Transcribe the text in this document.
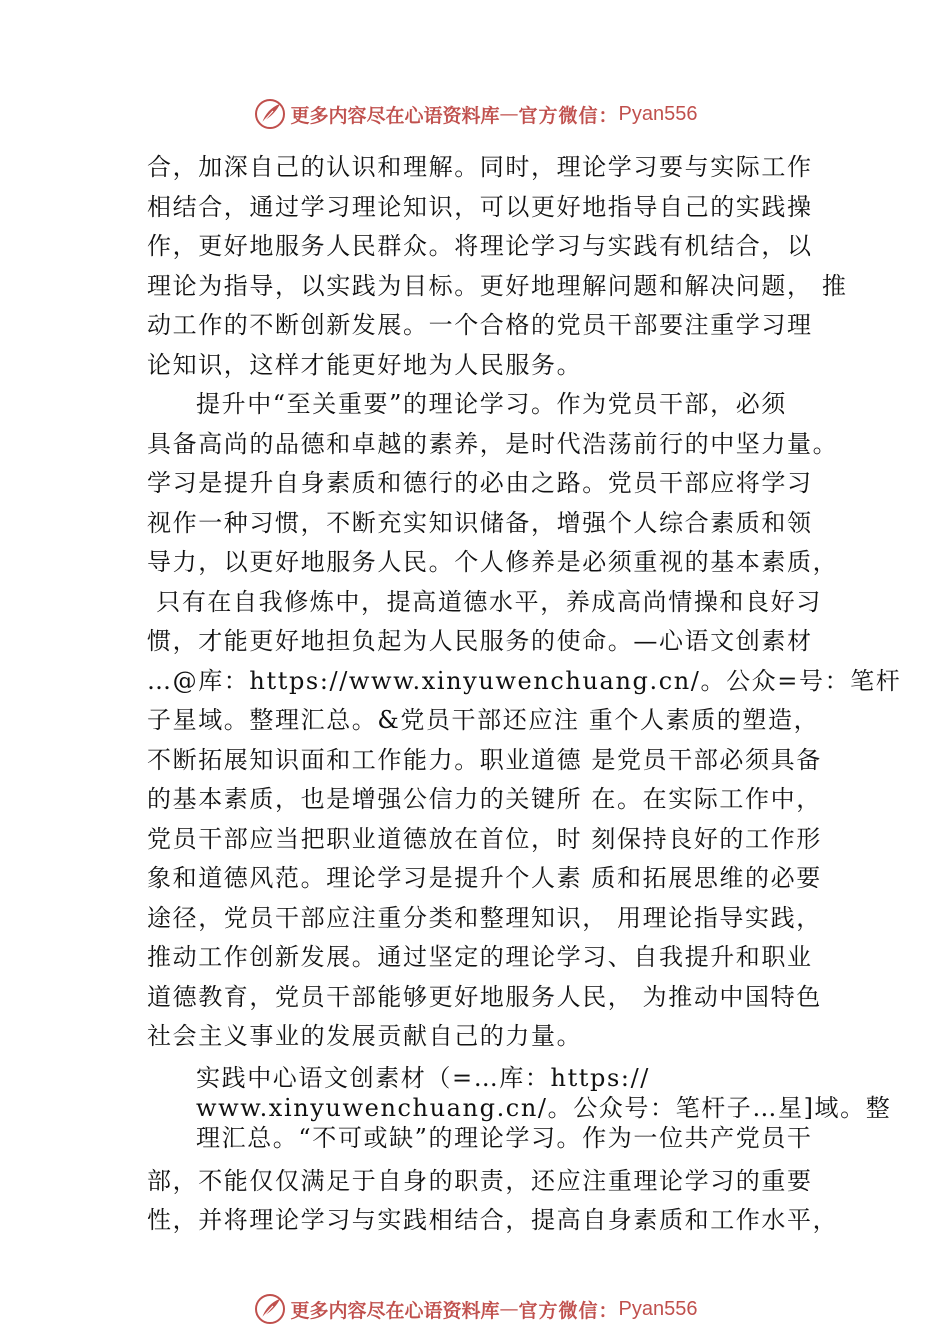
更多内容尽在心语资料库 — 官方微信： Pyan556
合，加深自己的认识和理解。同时，理论学习要与实际工作
相结合，通过学习理论知识，可以更好地指导自己的实践操
作，更好地服务人民群众。将理论学习与实践有机结合，以
理论为指导，以实践为目标。更好地理解问题和解决问题， 推
动工作的不断创新发展。一个合格的党员干部要注重学习理
论知识，这样才能更好地为人民服务。
提升中“至关重要”的理论学习。作为党员干部，必须
具备高尚的品德和卓越的素养，是时代浩荡前行的中坚力量。
学习是提升自身素质和德行的必由之路。党员干部应将学习
视作一种习惯，不断充实知识储备，增强个人综合素质和领
导力，以更好地服务人民。个人修养是必须重视的基本素质，
只有在自我修炼中，提高道德水平，养成高尚情操和良好习
惯，才能更好地担负起为人民服务的使命。—心语文创素材
…@库：https://www.xinyuwenchuang.cn/。公众=号：笔杆
子星域。整理汇总。&党员干部还应注 重个人素质的塑造，
不断拓展知识面和工作能力。职业道德 是党员干部必须具备
的基本素质，也是增强公信力的关键所 在。在实际工作中，
党员干部应当把职业道德放在首位，时 刻保持良好的工作形
象和道德风范。理论学习是提升个人素 质和拓展思维的必要
途径，党员干部应注重分类和整理知识， 用理论指导实践，
推动工作创新发展。通过坚定的理论学习、自我提升和职业
道德教育，党员干部能够更好地服务人民， 为推动中国特色
社会主义事业的发展贡献自己的力量。
实践中心语文创素材（=…库：https://
www.xinyuwenchuang.cn/。公众号：笔杆子…星]域。整
理汇总。“不可或缺”的理论学习。作为一位共产党员干
部，不能仅仅满足于自身的职责，还应注重理论学习的重要
性，并将理论学习与实践相结合，提高自身素质和工作水平，
更多内容尽在心语资料库 — 官方微信： Pyan556
